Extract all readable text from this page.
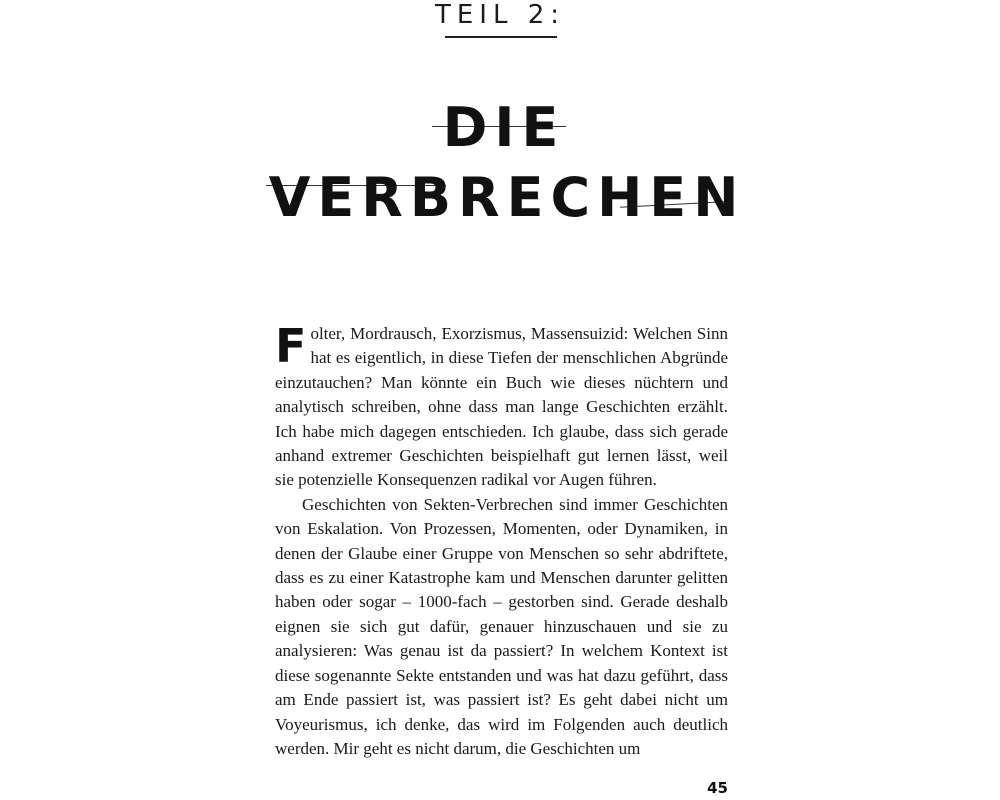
TEIL 2:
DIE
VERBRECHEN

Folter, Mordrausch, Exorzismus, Massensuizid: Welchen Sinn hat es eigentlich, in diese Tiefen der menschlichen Abgründe einzutauchen? Man könnte ein Buch wie dieses nüchtern und analytisch schreiben, ohne dass man lange Geschichten erzählt. Ich habe mich dagegen entschieden. Ich glaube, dass sich gerade anhand extremer Geschichten beispielhaft gut lernen lässt, weil sie potenzielle Konsequenzen radikal vor Augen führen.

Geschichten von Sekten-Verbrechen sind immer Geschichten von Eskalation. Von Prozessen, Momenten, oder Dynamiken, in denen der Glaube einer Gruppe von Menschen so sehr abdriftete, dass es zu einer Katastrophe kam und Menschen darunter gelitten haben oder sogar – 1000-fach – gestorben sind. Gerade deshalb eignen sie sich gut dafür, genauer hinzuschauen und sie zu analysieren: Was genau ist da passiert? In welchem Kontext ist diese sogenannte Sekte entstanden und was hat dazu geführt, dass am Ende passiert ist, was passiert ist? Es geht dabei nicht um Voyeurismus, ich denke, das wird im Folgenden auch deutlich werden. Mir geht es nicht darum, die Geschichten um

45
